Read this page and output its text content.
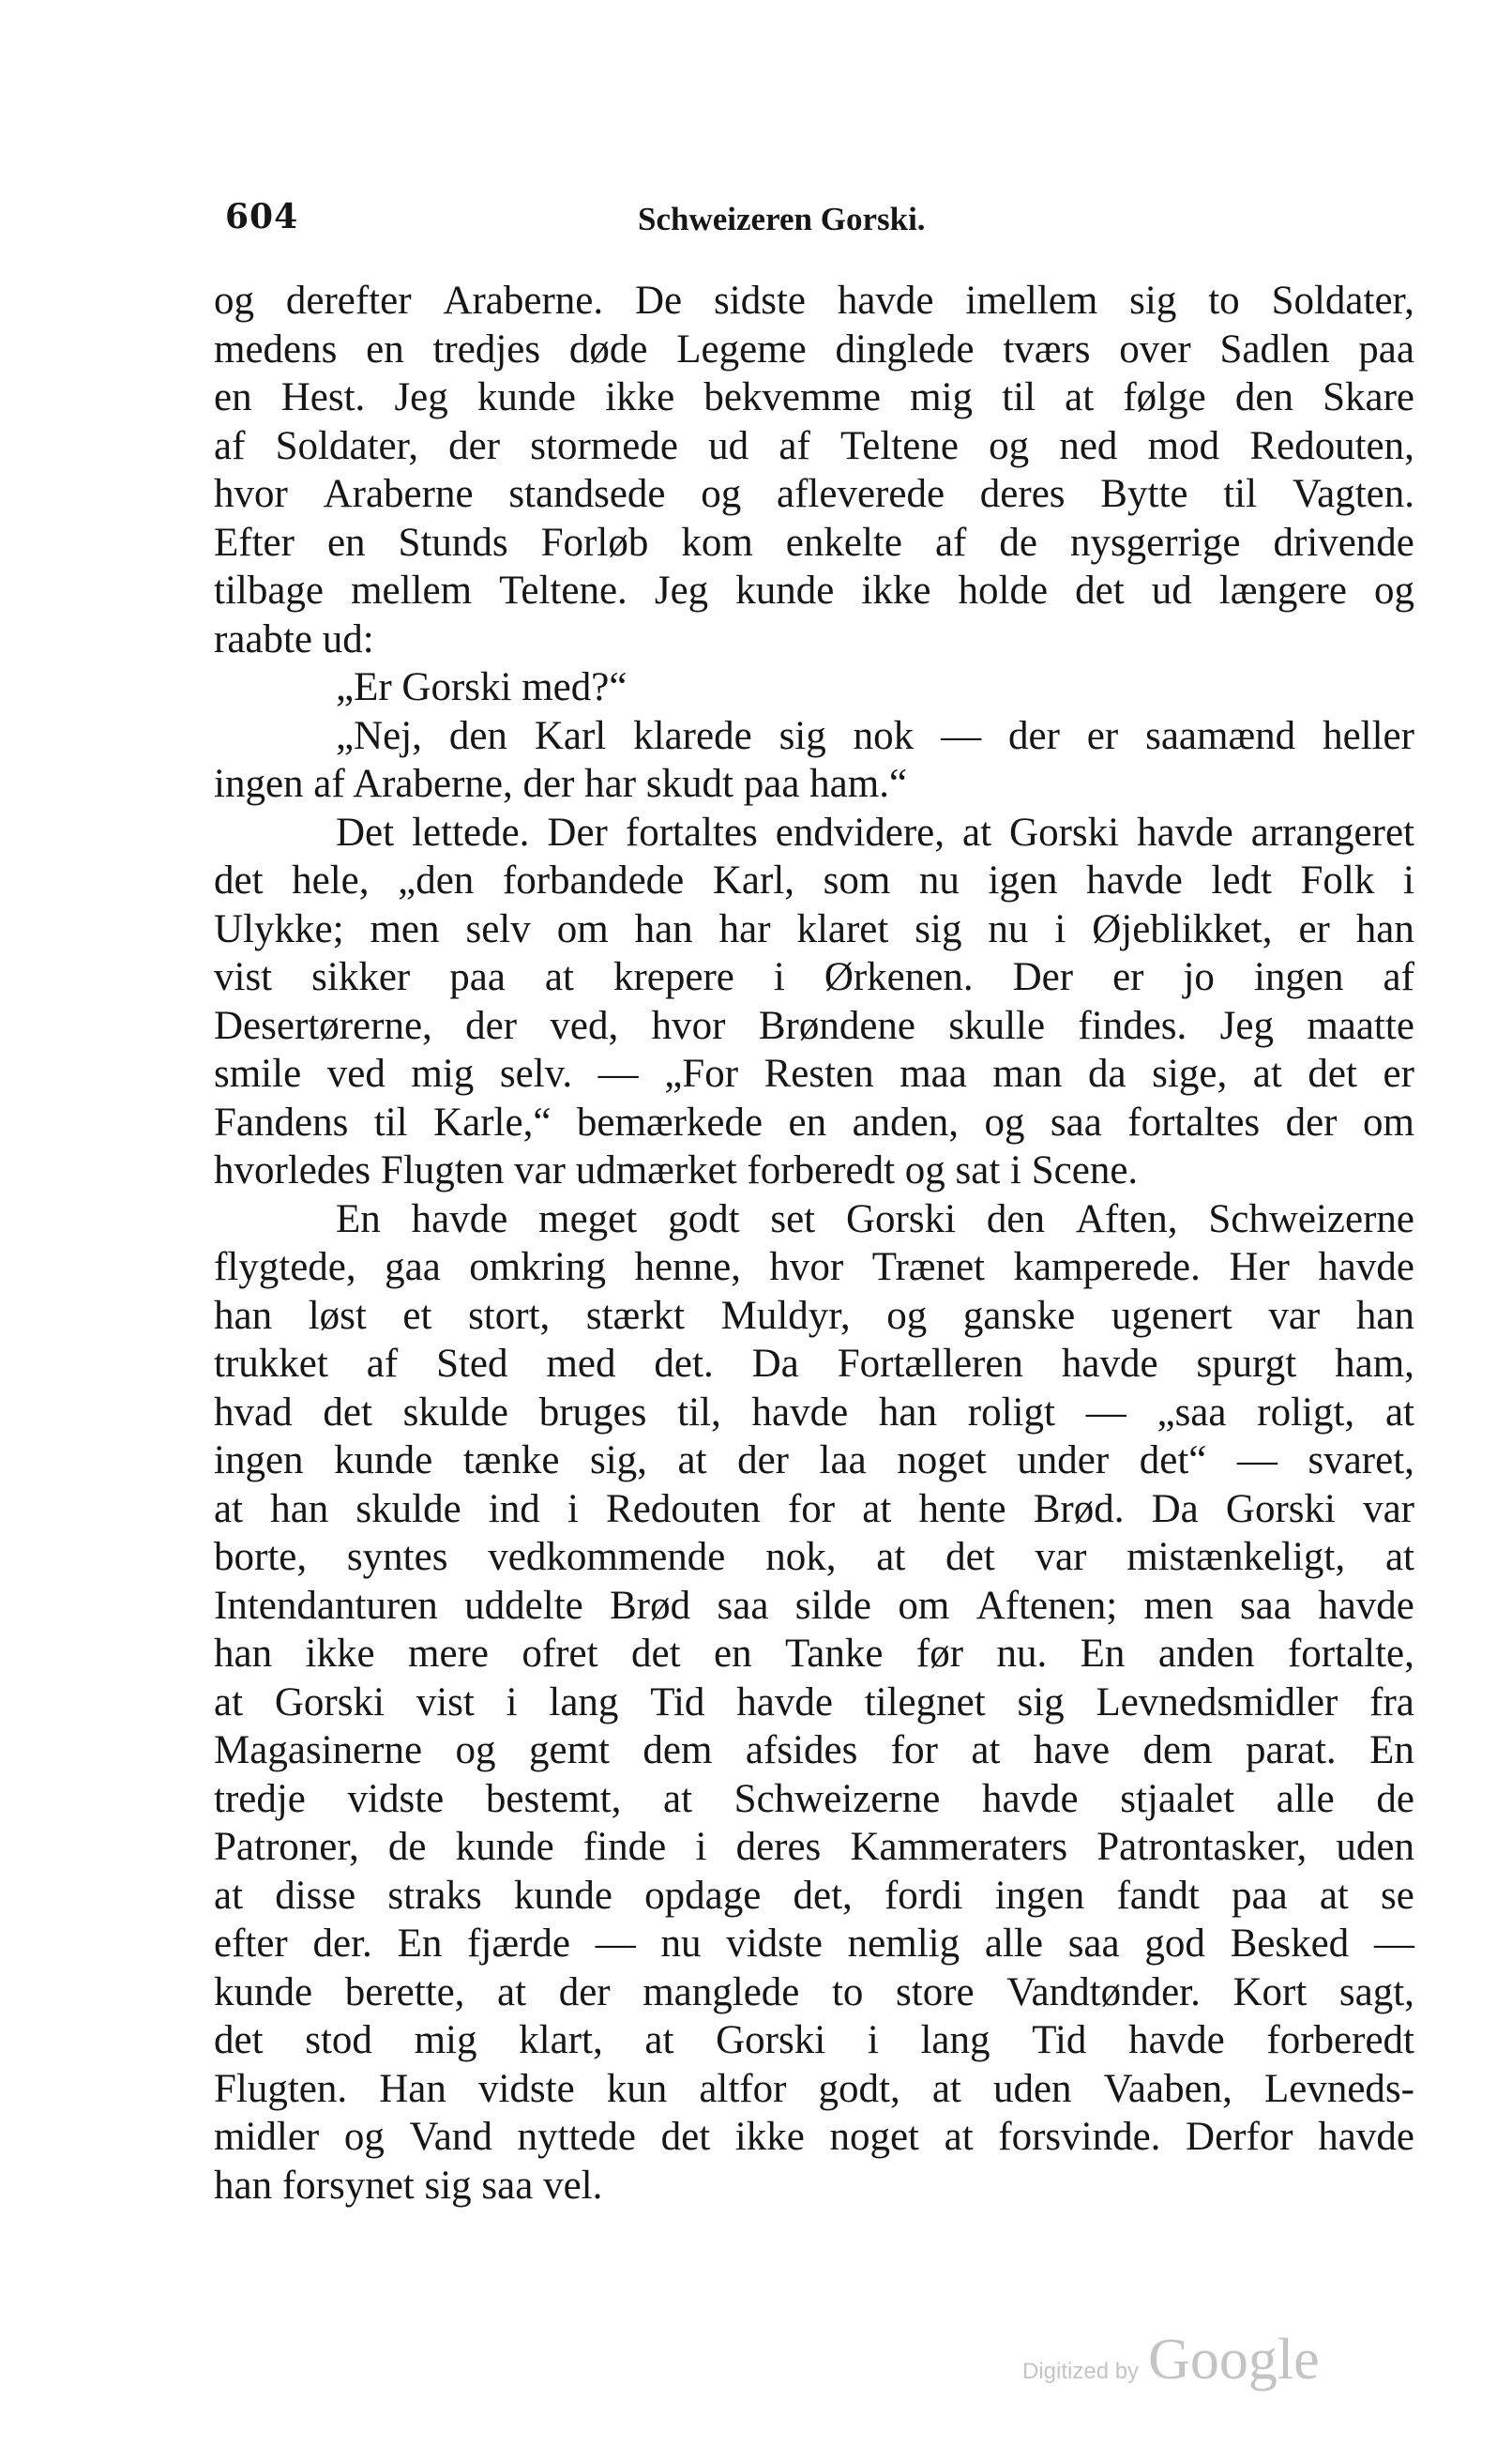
604	Schweizeren Gorski.
og derefter Araberne. De sidste havde imellem sig to Soldater,
medens en tredjes døde Legeme dinglede tværs over Sadlen paa
en Hest. Jeg kunde ikke bekvemme mig til at følge den Skare
af Soldater, der stormede ud af Teltene og ned mod Redouten,
hvor Araberne standsede og afleverede deres Bytte til Vagten.
Efter en Stunds Forløb kom enkelte af de nysgerrige drivende
tilbage mellem Teltene. Jeg kunde ikke holde det ud længere og
raabte ud:
„Er Gorski med?“
„Nej, den Karl klarede sig nok — der er saamænd heller
ingen af Araberne, der har skudt paa ham.“
Det lettede. Der fortaltes endvidere, at Gorski havde arrangeret
det hele, „den forbandede Karl, som nu igen havde ledt Folk i
Ulykke; men selv om han har klaret sig nu i Øjeblikket, er han
vist sikker paa at krepere i Ørkenen. Der er jo ingen af
Desertørerne, der ved, hvor Brøndene skulle findes. Jeg maatte
smile ved mig selv. — „For Resten maa man da sige, at det er
Fandens til Karle,“ bemærkede en anden, og saa fortaltes der om
hvorledes Flugten var udmærket forberedt og sat i Scene.
En havde meget godt set Gorski den Aften, Schweizerne
flygtede, gaa omkring henne, hvor Trænet kamperede. Her havde
han løst et stort, stærkt Muldyr, og ganske ugenert var han
trukket af Sted med det. Da Fortælleren havde spurgt ham,
hvad det skulde bruges til, havde han roligt — „saa roligt, at
ingen kunde tænke sig, at der laa noget under det“ — svaret,
at han skulde ind i Redouten for at hente Brød. Da Gorski var
borte, syntes vedkommende nok, at det var mistænkeligt, at
Intendanturen uddelte Brød saa silde om Aftenen; men saa havde
han ikke mere ofret det en Tanke før nu. En anden fortalte,
at Gorski vist i lang Tid havde tilegnet sig Levnedsmidler fra
Magasinerne og gemt dem afsides for at have dem parat. En
tredje vidste bestemt, at Schweizerne havde stjaalet alle de
Patroner, de kunde finde i deres Kammeraters Patrontasker, uden
at disse straks kunde opdage det, fordi ingen fandt paa at se
efter der. En fjærde — nu vidste nemlig alle saa god Besked —
kunde berette, at der manglede to store Vandtønder. Kort sagt,
det stod mig klart, at Gorski i lang Tid havde forberedt
Flugten. Han vidste kun altfor godt, at uden Vaaben, Levneds-
midler og Vand nyttede det ikke noget at forsvinde. Derfor havde
han forsynet sig saa vel.
Digitized by Google
